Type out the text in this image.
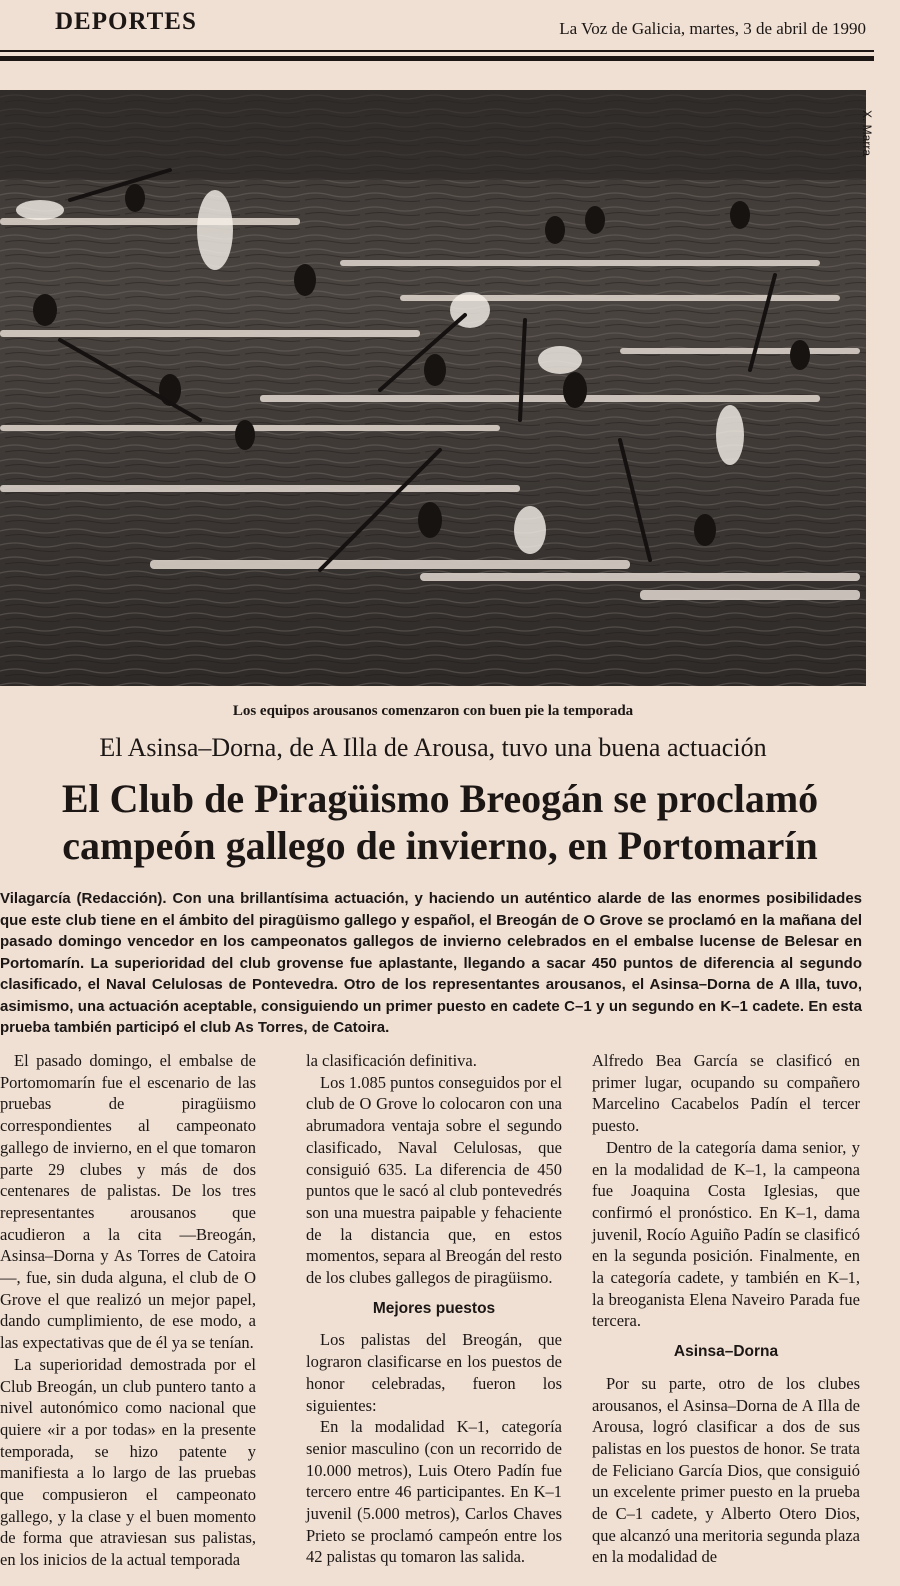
DEPORTES	La Voz de Galicia, martes, 3 de abril de 1990
X. Marra
Los equipos arousanos comenzaron con buen pie la temporada
El Asinsa–Dorna, de A Illa de Arousa, tuvo una buena actuación
El Club de Piragüismo Breogán se proclamó
campeón gallego de invierno, en Portomarín

Vilagarcía (Redacción). Con una brillantísima actuación, y haciendo un auténtico alarde de las enormes posibilidades que este club tiene en el ámbito del piragüismo gallego y español, el Breogán de O Grove se proclamó en la mañana del pasado domingo vencedor en los campeonatos gallegos de invierno celebrados en el embalse lucense de Belesar en Portomarín. La superioridad del club grovense fue aplastante, llegando a sacar 450 puntos de diferencia al segundo clasificado, el Naval Celulosas de Pontevedra. Otro de los representantes arousanos, el Asinsa–Dorna de A Illa, tuvo, asimismo, una actuación aceptable, consiguiendo un primer puesto en cadete C–1 y un segundo en K–1 cadete. En esta prueba también participó el club As Torres, de Catoira.

El pasado domingo, el embalse de Portomomarín fue el escenario de las pruebas de piragüismo correspondientes al campeonato gallego de invierno, en el que tomaron parte 29 clubes y más de dos centenares de palistas. De los tres representantes arousanos que acudieron a la cita —Breogán, Asinsa–Dorna y As Torres de Catoira—, fue, sin duda alguna, el club de O Grove el que realizó un mejor papel, dando cumplimiento, de ese modo, a las expectativas que de él ya se tenían.

La superioridad demostrada por el Club Breogán, un club puntero tanto a nivel autonómico como nacional que quiere «ir a por todas» en la presente temporada, se hizo patente y manifiesta a lo largo de las pruebas que compusieron el campeonato gallego, y la clase y el buen momento de forma que atraviesan sus palistas, en los inicios de la actual temporada

la clasificación definitiva.

Los 1.085 puntos conseguidos por el club de O Grove lo colocaron con una abrumadora ventaja sobre el segundo clasificado, Naval Celulosas, que consiguió 635. La diferencia de 450 puntos que le sacó al club pontevedrés son una muestra paipable y fehaciente de la distancia que, en estos momentos, separa al Breogán del resto de los clubes gallegos de piragüismo.

Mejores puestos

Los palistas del Breogán, que lograron clasificarse en los puestos de honor celebradas, fueron los siguientes:

En la modalidad K–1, categoría senior masculino (con un recorrido de 10.000 metros), Luis Otero Padín fue tercero entre 46 participantes. En K–1 juvenil (5.000 metros), Carlos Chaves Prieto se proclamó campeón entre los 42 palistas qu tomaron las salida.

Alfredo Bea García se clasificó en primer lugar, ocupando su compañero Marcelino Cacabelos Padín el tercer puesto.

Dentro de la categoría dama senior, y en la modalidad de K–1, la campeona fue Joaquina Costa Iglesias, que confirmó el pronóstico. En K–1, dama juvenil, Rocío Aguiño Padín se clasificó en la segunda posición. Finalmente, en la categoría cadete, y también en K–1, la breoganista Elena Naveiro Parada fue tercera.

Asinsa–Dorna

Por su parte, otro de los clubes arousanos, el Asinsa–Dorna de A Illa de Arousa, logró clasificar a dos de sus palistas en los puestos de honor. Se trata de Feliciano García Dios, que consiguió un excelente primer puesto en la prueba de C–1 cadete, y Alberto Otero Dios, que alcanzó una meritoria segunda plaza en la modalidad de
